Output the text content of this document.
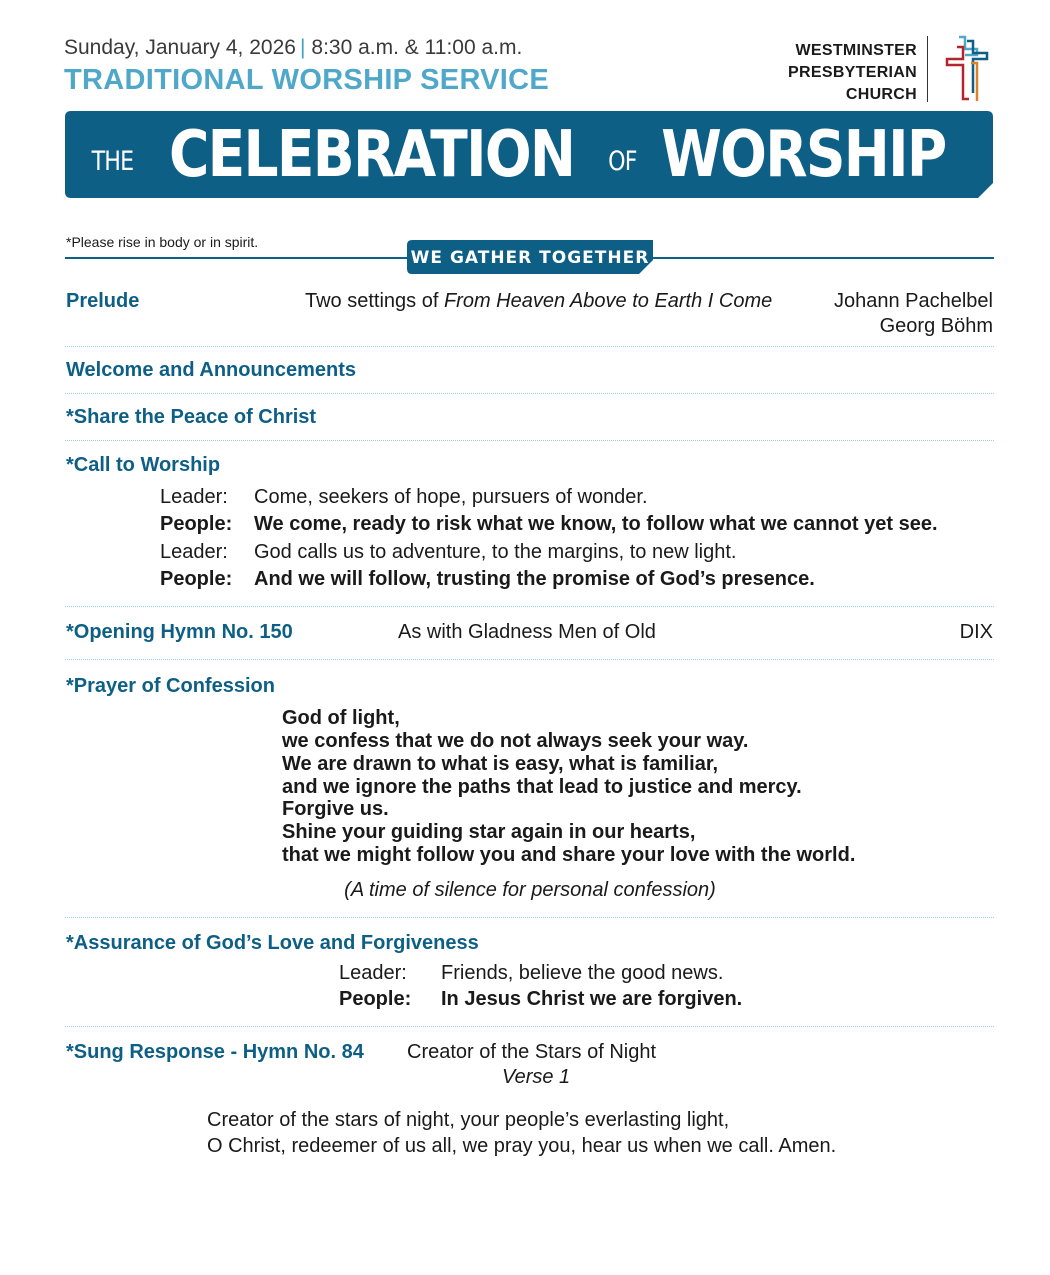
Sunday, January 4, 2026 | 8:30 a.m. & 11:00 a.m.
TRADITIONAL WORSHIP SERVICE
WESTMINSTER
PRESBYTERIAN
CHURCH
THE CELEBRATION OF WORSHIP
*Please rise in body or in spirit.
WE GATHER TOGETHER
Prelude	Two settings of From Heaven Above to Earth I Come	Johann Pachelbel
Georg Böhm
Welcome and Announcements
*Share the Peace of Christ
*Call to Worship
Leader: Come, seekers of hope, pursuers of wonder.
People: We come, ready to risk what we know, to follow what we cannot yet see.
Leader: God calls us to adventure, to the margins, to new light.
People: And we will follow, trusting the promise of God’s presence.
*Opening Hymn No. 150	As with Gladness Men of Old	DIX
*Prayer of Confession
God of light,
we confess that we do not always seek your way.
We are drawn to what is easy, what is familiar,
and we ignore the paths that lead to justice and mercy.
Forgive us.
Shine your guiding star again in our hearts,
that we might follow you and share your love with the world.
(A time of silence for personal confession)
*Assurance of God’s Love and Forgiveness
Leader: Friends, believe the good news.
People: In Jesus Christ we are forgiven.
*Sung Response - Hymn No. 84 Creator of the Stars of Night
Verse 1
Creator of the stars of night, your people’s everlasting light,
O Christ, redeemer of us all, we pray you, hear us when we call. Amen.
